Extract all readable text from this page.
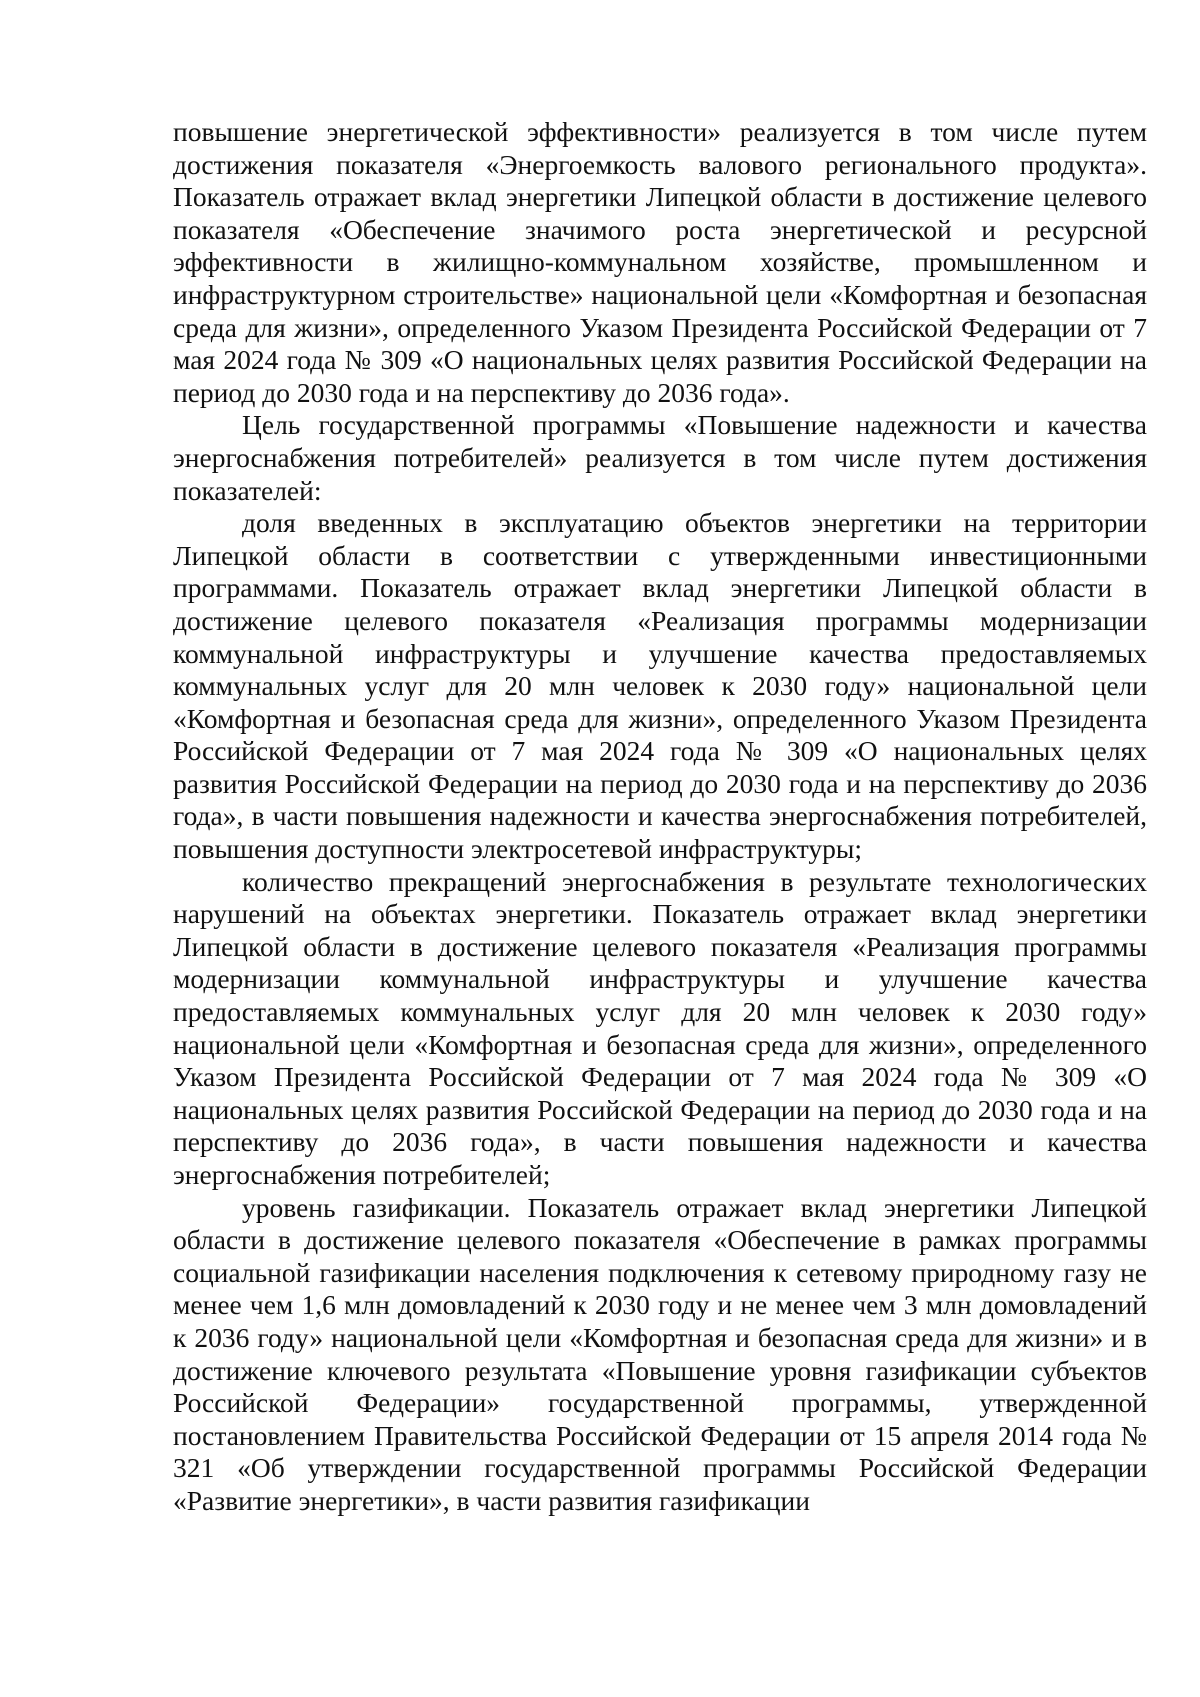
повышение энергетической эффективности» реализуется в том числе путем достижения показателя «Энергоемкость валового регионального продукта». Показатель отражает вклад энергетики Липецкой области в достижение целевого показателя «Обеспечение значимого роста энергетической и ресурсной эффективности в жилищно-коммунальном хозяйстве, промышленном и инфраструктурном строительстве» национальной цели «Комфортная и безопасная среда для жизни», определенного Указом Президента Российской Федерации от 7 мая 2024 года № 309 «О национальных целях развития Российской Федерации на период до 2030 года и на перспективу до 2036 года».

Цель государственной программы «Повышение надежности и качества энергоснабжения потребителей» реализуется в том числе путем достижения показателей:

доля введенных в эксплуатацию объектов энергетики на территории Липецкой области в соответствии с утвержденными инвестиционными программами. Показатель отражает вклад энергетики Липецкой области в достижение целевого показателя «Реализация программы модернизации коммунальной инфраструктуры и улучшение качества предоставляемых коммунальных услуг для 20 млн человек к 2030 году» национальной цели «Комфортная и безопасная среда для жизни», определенного Указом Президента Российской Федерации от 7 мая 2024 года № 309 «О национальных целях развития Российской Федерации на период до 2030 года и на перспективу до 2036 года», в части повышения надежности и качества энергоснабжения потребителей, повышения доступности электросетевой инфраструктуры;

количество прекращений энергоснабжения в результате технологических нарушений на объектах энергетики. Показатель отражает вклад энергетики Липецкой области в достижение целевого показателя «Реализация программы модернизации коммунальной инфраструктуры и улучшение качества предоставляемых коммунальных услуг для 20 млн человек к 2030 году» национальной цели «Комфортная и безопасная среда для жизни», определенного Указом Президента Российской Федерации от 7 мая 2024 года № 309 «О национальных целях развития Российской Федерации на период до 2030 года и на перспективу до 2036 года», в части повышения надежности и качества энергоснабжения потребителей;

уровень газификации. Показатель отражает вклад энергетики Липецкой области в достижение целевого показателя «Обеспечение в рамках программы социальной газификации населения подключения к сетевому природному газу не менее чем 1,6 млн домовладений к 2030 году и не менее чем 3 млн домовладений к 2036 году» национальной цели «Комфортная и безопасная среда для жизни» и в достижение ключевого результата «Повышение уровня газификации субъектов Российской Федерации» государственной программы, утвержденной постановлением Правительства Российской Федерации от 15 апреля 2014 года № 321 «Об утверждении государственной программы Российской Федерации «Развитие энергетики», в части развития газификации
